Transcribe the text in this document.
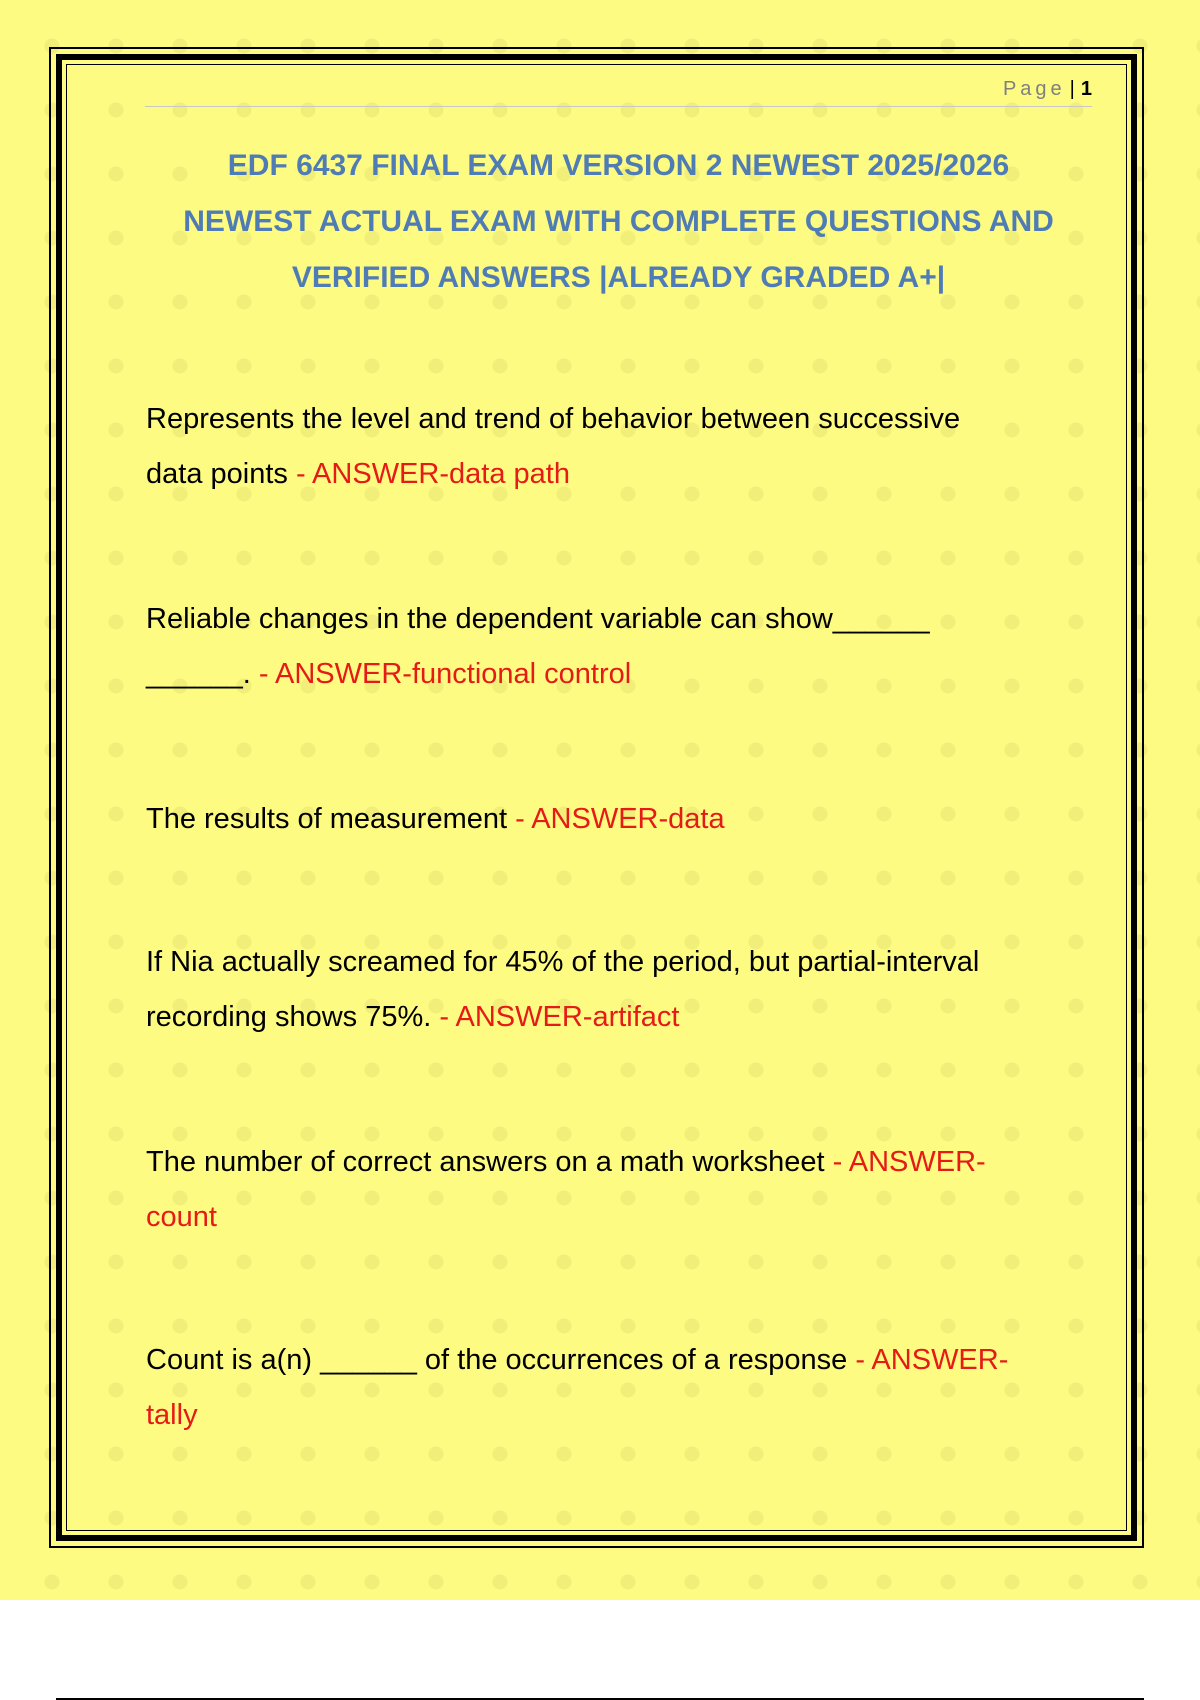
Page | 1
EDF 6437 FINAL EXAM VERSION 2 NEWEST 2025/2026
NEWEST ACTUAL EXAM WITH COMPLETE QUESTIONS AND
VERIFIED ANSWERS |ALREADY GRADED A+|
Represents the level and trend of behavior between successive
data points - ANSWER-data path
Reliable changes in the dependent variable can show______
______. - ANSWER-functional control
The results of measurement - ANSWER-data
If Nia actually screamed for 45% of the period, but partial-interval
recording shows 75%. - ANSWER-artifact
The number of correct answers on a math worksheet - ANSWER-
count
Count is a(n) ______ of the occurrences of a response - ANSWER-
tally
